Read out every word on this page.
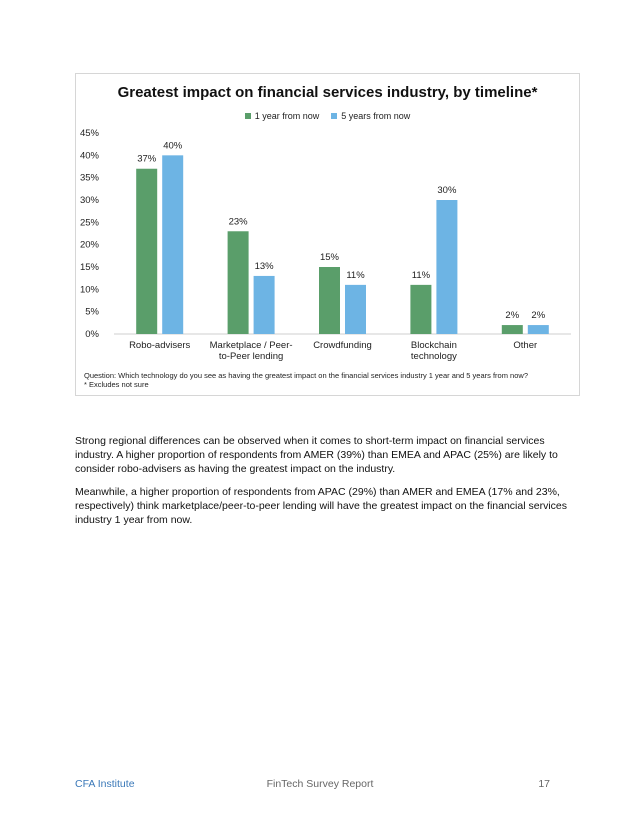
Greatest impact on financial services industry, by timeline*
1 year from now 5 years from now
0%
5%
10%
15%
20%
25%
30%
35%
40%
45%
37%
40%
Robo-advisers
23%
13%
Marketplace / Peer-
to-Peer lending
15%
11%
Crowdfunding
11%
30%
Blockchain
technology
2% 2%
Other

Question: Which technology do you see as having the greatest impact on the financial services industry 1 year and 5 years from now?

* Excludes not sure

Strong regional differences can be observed when it comes to short-term impact on financial services industry. A higher proportion of respondents from AMER (39%) than EMEA and APAC (25%) are likely to consider robo-advisers as having the greatest impact on the industry.

Meanwhile, a higher proportion of respondents from APAC (29%) than AMER and EMEA (17% and 23%, respectively) think marketplace/peer-to-peer lending will have the greatest impact on the financial services industry 1 year from now.

CFA Institute	FinTech Survey Report	17
